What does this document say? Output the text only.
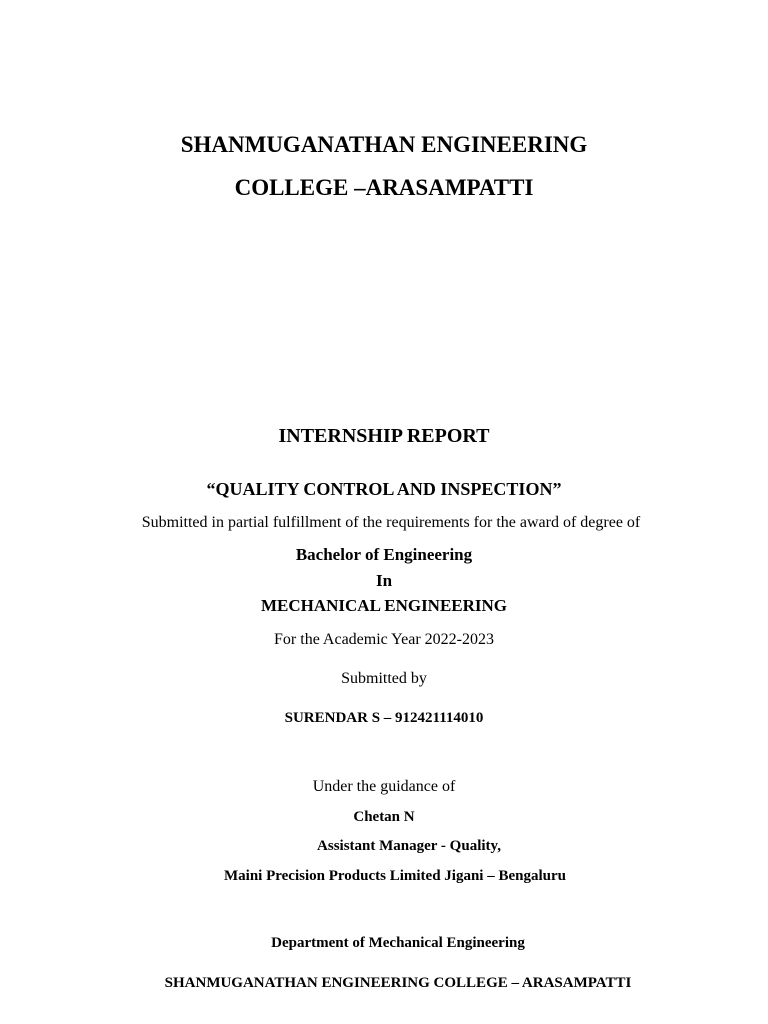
SHANMUGANATHAN ENGINEERING
COLLEGE –ARASAMPATTI
INTERNSHIP REPORT
“QUALITY CONTROL AND INSPECTION”
Submitted in partial fulfillment of the requirements for the award of degree of
Bachelor of Engineering
In
MECHANICAL ENGINEERING
For the Academic Year 2022-2023
Submitted by
SURENDAR S – 912421114010
Under the guidance of
Chetan N
Assistant Manager - Quality,
Maini Precision Products Limited Jigani – Bengaluru
Department of Mechanical Engineering
SHANMUGANATHAN ENGINEERING COLLEGE – ARASAMPATTI
